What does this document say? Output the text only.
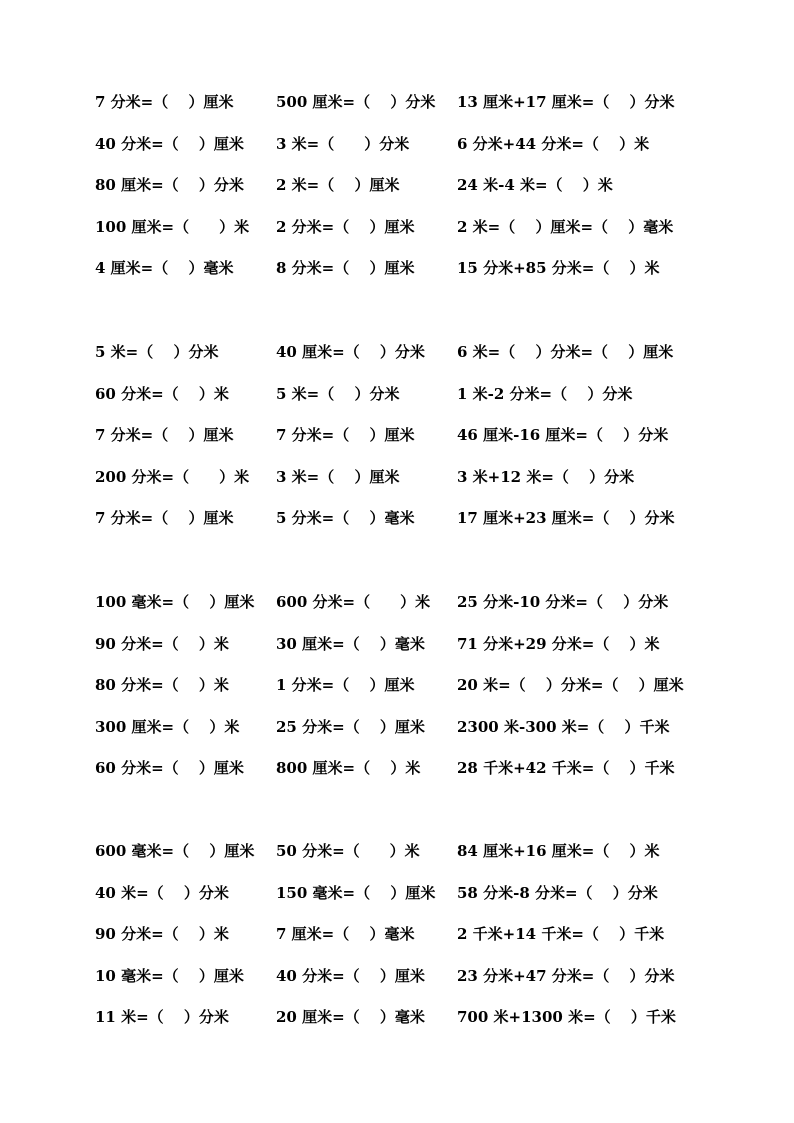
7 分米=（　 ）厘米	500 厘米=（　 ）分米 13 厘米+17 厘米=（　 ）分米
40 分米=（　 ）厘米 3 米=（　　）分米	6 分米+44 分米=（　 ）米
80 厘米=（　 ）分米 2 米=（　 ）厘米	24 米-4 米=（　 ）米
100 厘米=（　　）米 2 分米=（　 ）厘米	2 米=（　 ）厘米=（　 ）毫米
4 厘米=（　 ）毫米	8 分米=（　 ）厘米	15 分米+85 分米=（　 ）米
5 米=（　 ）分米	40 厘米=（　 ）分米 6 米=（　 ）分米=（　 ）厘米
60 分米=（　 ）米	5 米=（　 ）分米	1 米-2 分米=（　 ）分米
7 分米=（　 ）厘米	7 分米=（　 ）厘米	46 厘米-16 厘米=（　 ）分米
200 分米=（　　）米 3 米=（　 ）厘米	3 米+12 米=（　 ）分米
7 分米=（　 ）厘米	5 分米=（　 ）毫米	17 厘米+23 厘米=（　 ）分米
100 毫米=（　 ）厘米 600 分米=（　　）米 25 分米-10 分米=（　 ）分米
90 分米=（　 ）米	30 厘米=（　 ）毫米 71 分米+29 分米=（　 ）米
80 分米=（　 ）米	1 分米=（　 ）厘米	20 米=（　 ）分米=（　 ）厘米
300 厘米=（　 ）米 25 分米=（　 ）厘米 2300 米-300 米=（　 ）千米
60 分米=（　 ）厘米 800 厘米=（　 ）米 28 千米+42 千米=（　 ）千米
600 毫米=（　 ）厘米 50 分米=（　　）米 84 厘米+16 厘米=（　 ）米
40 米=（　 ）分米	150 毫米=（　 ）厘米 58 分米-8 分米=（　 ）分米
90 分米=（　 ）米	7 厘米=（　 ）毫米	2 千米+14 千米=（　 ）千米
10 毫米=（　 ）厘米 40 分米=（　 ）厘米 23 分米+47 分米=（　 ）分米
11 米=（　 ）分米	20 厘米=（　 ）毫米 700 米+1300 米=（　 ）千米
